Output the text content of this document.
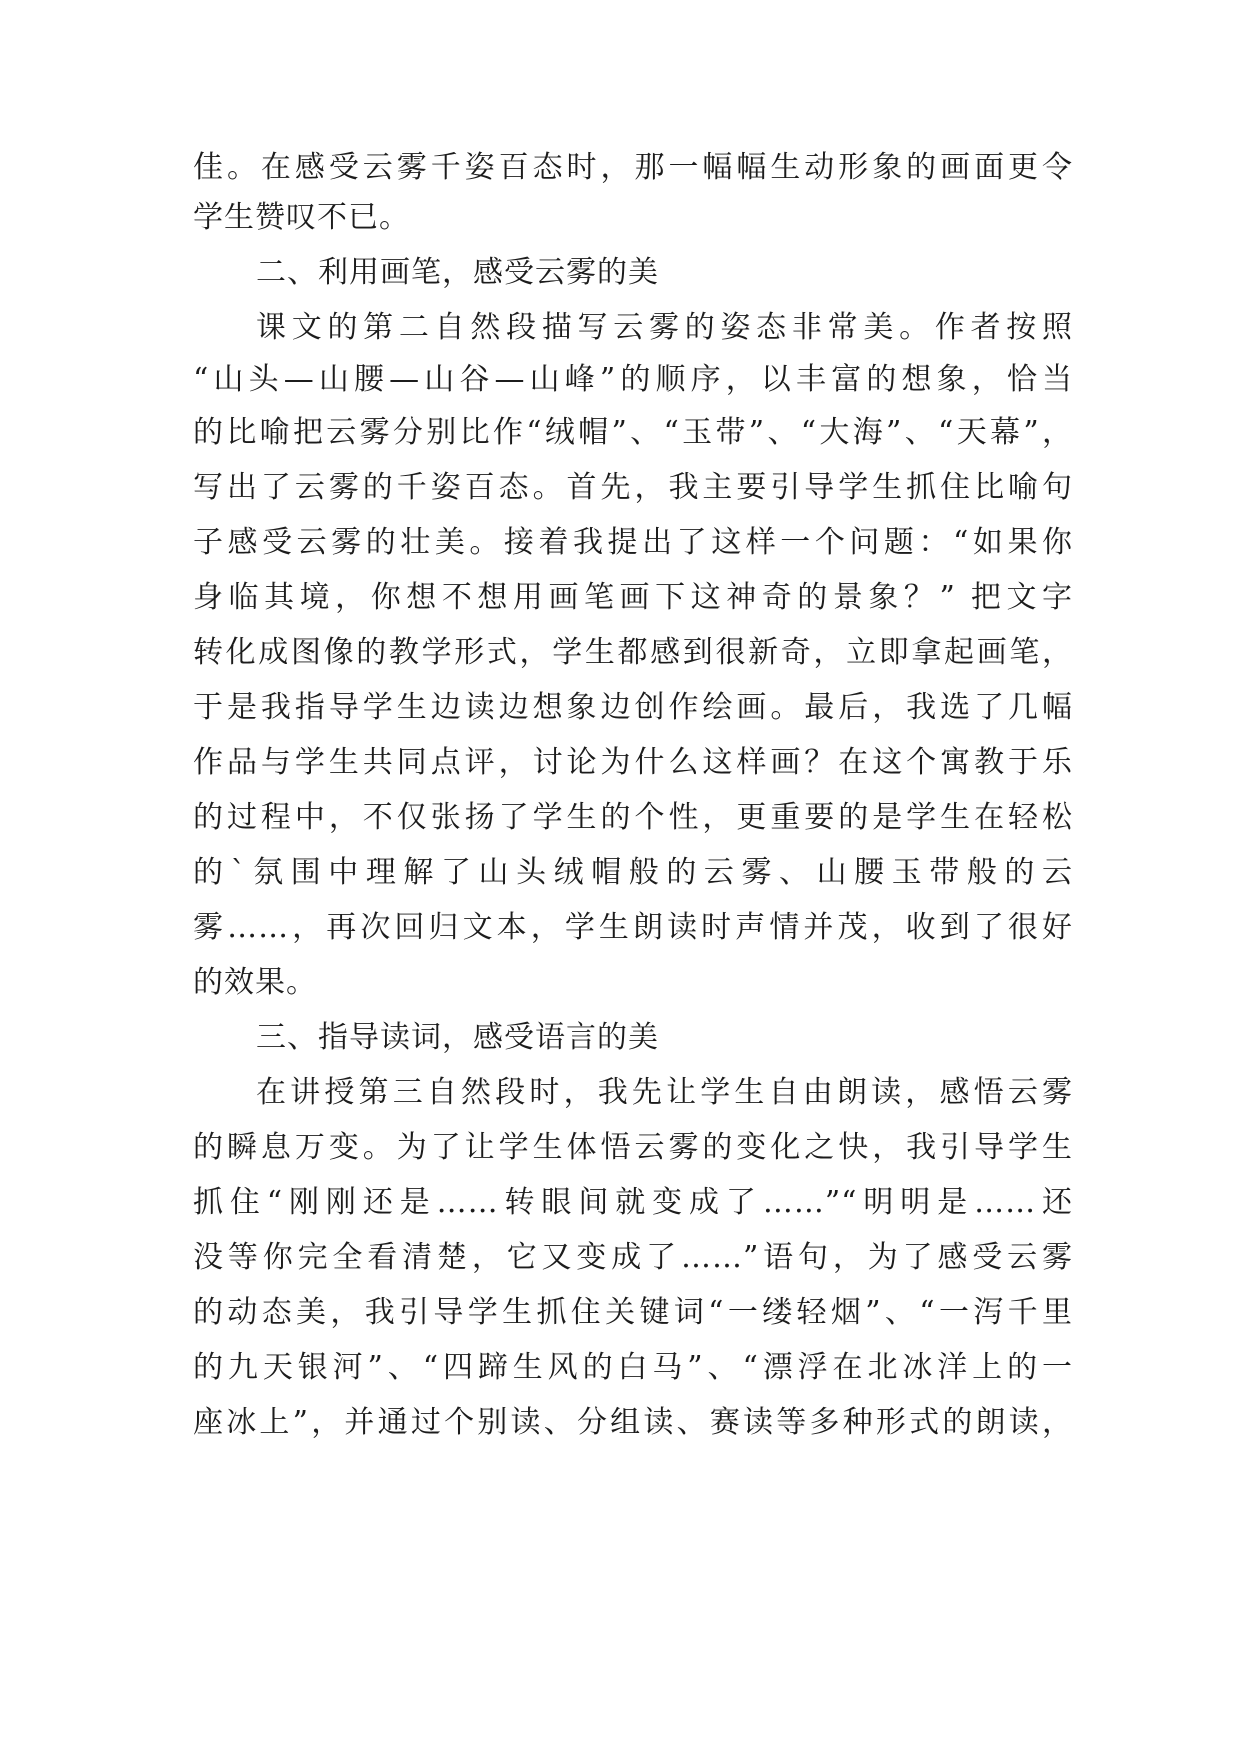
佳。在感受云雾千姿百态时，那一幅幅生动形象的画面更令

学生赞叹不已。

二、利用画笔，感受云雾的美

课文的第二自然段描写云雾的姿态非常美。作者按照

“山头—山腰—山谷—山峰”的顺序，以丰富的想象，恰当

的比喻把云雾分别比作“绒帽”、“玉带”、“大海”、“天幕”，

写出了云雾的千姿百态。首先，我主要引导学生抓住比喻句

子感受云雾的壮美。接着我提出了这样一个问题：“如果你

身临其境，你想不想用画笔画下这神奇的景象？” 把文字

转化成图像的教学形式，学生都感到很新奇，立即拿起画笔，

于是我指导学生边读边想象边创作绘画。最后，我选了几幅

作品与学生共同点评，讨论为什么这样画？在这个寓教于乐

的过程中，不仅张扬了学生的个性，更重要的是学生在轻松

的`氛围中理解了山头绒帽般的云雾、山腰玉带般的云

雾……，再次回归文本，学生朗读时声情并茂，收到了很好

的效果。

三、指导读词，感受语言的美

在讲授第三自然段时，我先让学生自由朗读，感悟云雾

的瞬息万变。为了让学生体悟云雾的变化之快，我引导学生

抓住“刚刚还是……转眼间就变成了……”“明明是……还

没等你完全看清楚，它又变成了……”语句，为了感受云雾

的动态美，我引导学生抓住关键词“一缕轻烟”、“一泻千里

的九天银河”、“四蹄生风的白马”、“漂浮在北冰洋上的一

座冰上”，并通过个别读、分组读、赛读等多种形式的朗读，
